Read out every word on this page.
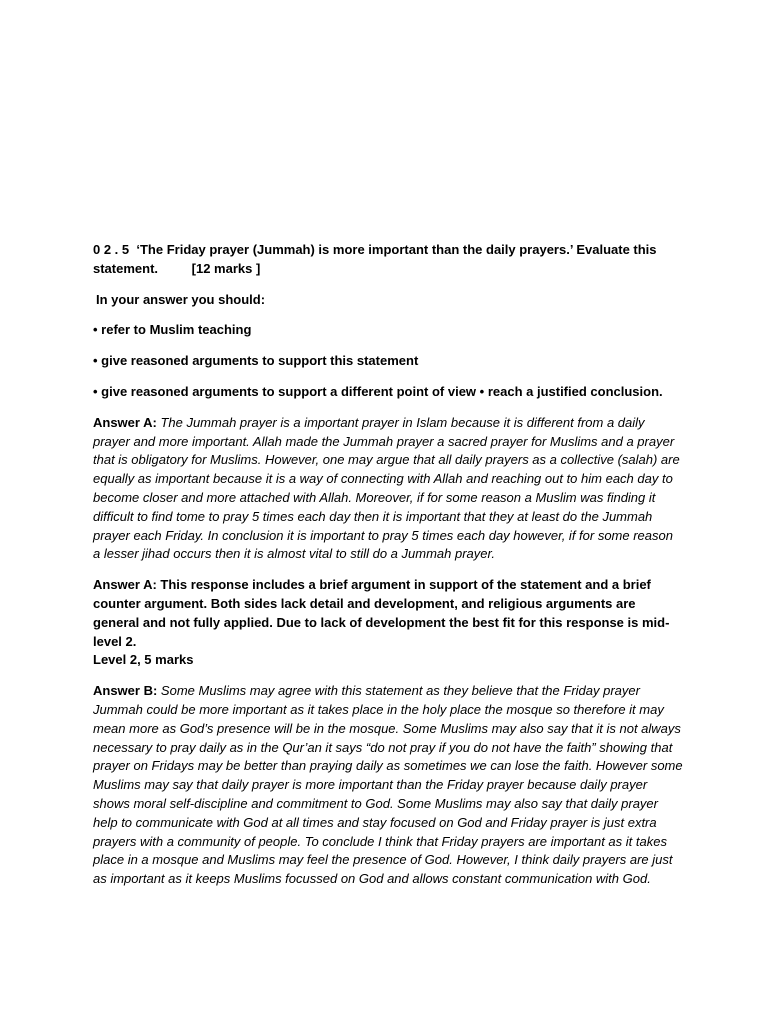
0 2 . 5 ‘The Friday prayer (Jummah) is more important than the daily prayers.’ Evaluate this statement.	[12 marks ]

In your answer you should:

• refer to Muslim teaching

• give reasoned arguments to support this statement

• give reasoned arguments to support a different point of view • reach a justified conclusion.

Answer A: The Jummah prayer is a important prayer in Islam because it is different from a daily prayer and more important. Allah made the Jummah prayer a sacred prayer for Muslims and a prayer that is obligatory for Muslims. However, one may argue that all daily prayers as a collective (salah) are equally as important because it is a way of connecting with Allah and reaching out to him each day to become closer and more attached with Allah. Moreover, if for some reason a Muslim was finding it difficult to find tome to pray 5 times each day then it is important that they at least do the Jummah prayer each Friday. In conclusion it is important to pray 5 times each day however, if for some reason a lesser jihad occurs then it is almost vital to still do a Jummah prayer.

Answer A: This response includes a brief argument in support of the statement and a brief counter argument. Both sides lack detail and development, and religious arguments are general and not fully applied. Due to lack of development the best fit for this response is mid-level 2.
Level 2, 5 marks

Answer B: Some Muslims may agree with this statement as they believe that the Friday prayer Jummah could be more important as it takes place in the holy place the mosque so therefore it may mean more as God’s presence will be in the mosque. Some Muslims may also say that it is not always necessary to pray daily as in the Qur’an it says “do not pray if you do not have the faith” showing that prayer on Fridays may be better than praying daily as sometimes we can lose the faith. However some Muslims may say that daily prayer is more important than the Friday prayer because daily prayer shows moral self-discipline and commitment to God. Some Muslims may also say that daily prayer help to communicate with God at all times and stay focused on God and Friday prayer is just extra prayers with a community of people. To conclude I think that Friday prayers are important as it takes place in a mosque and Muslims may feel the presence of God. However, I think daily prayers are just as important as it keeps Muslims focussed on God and allows constant communication with God.
